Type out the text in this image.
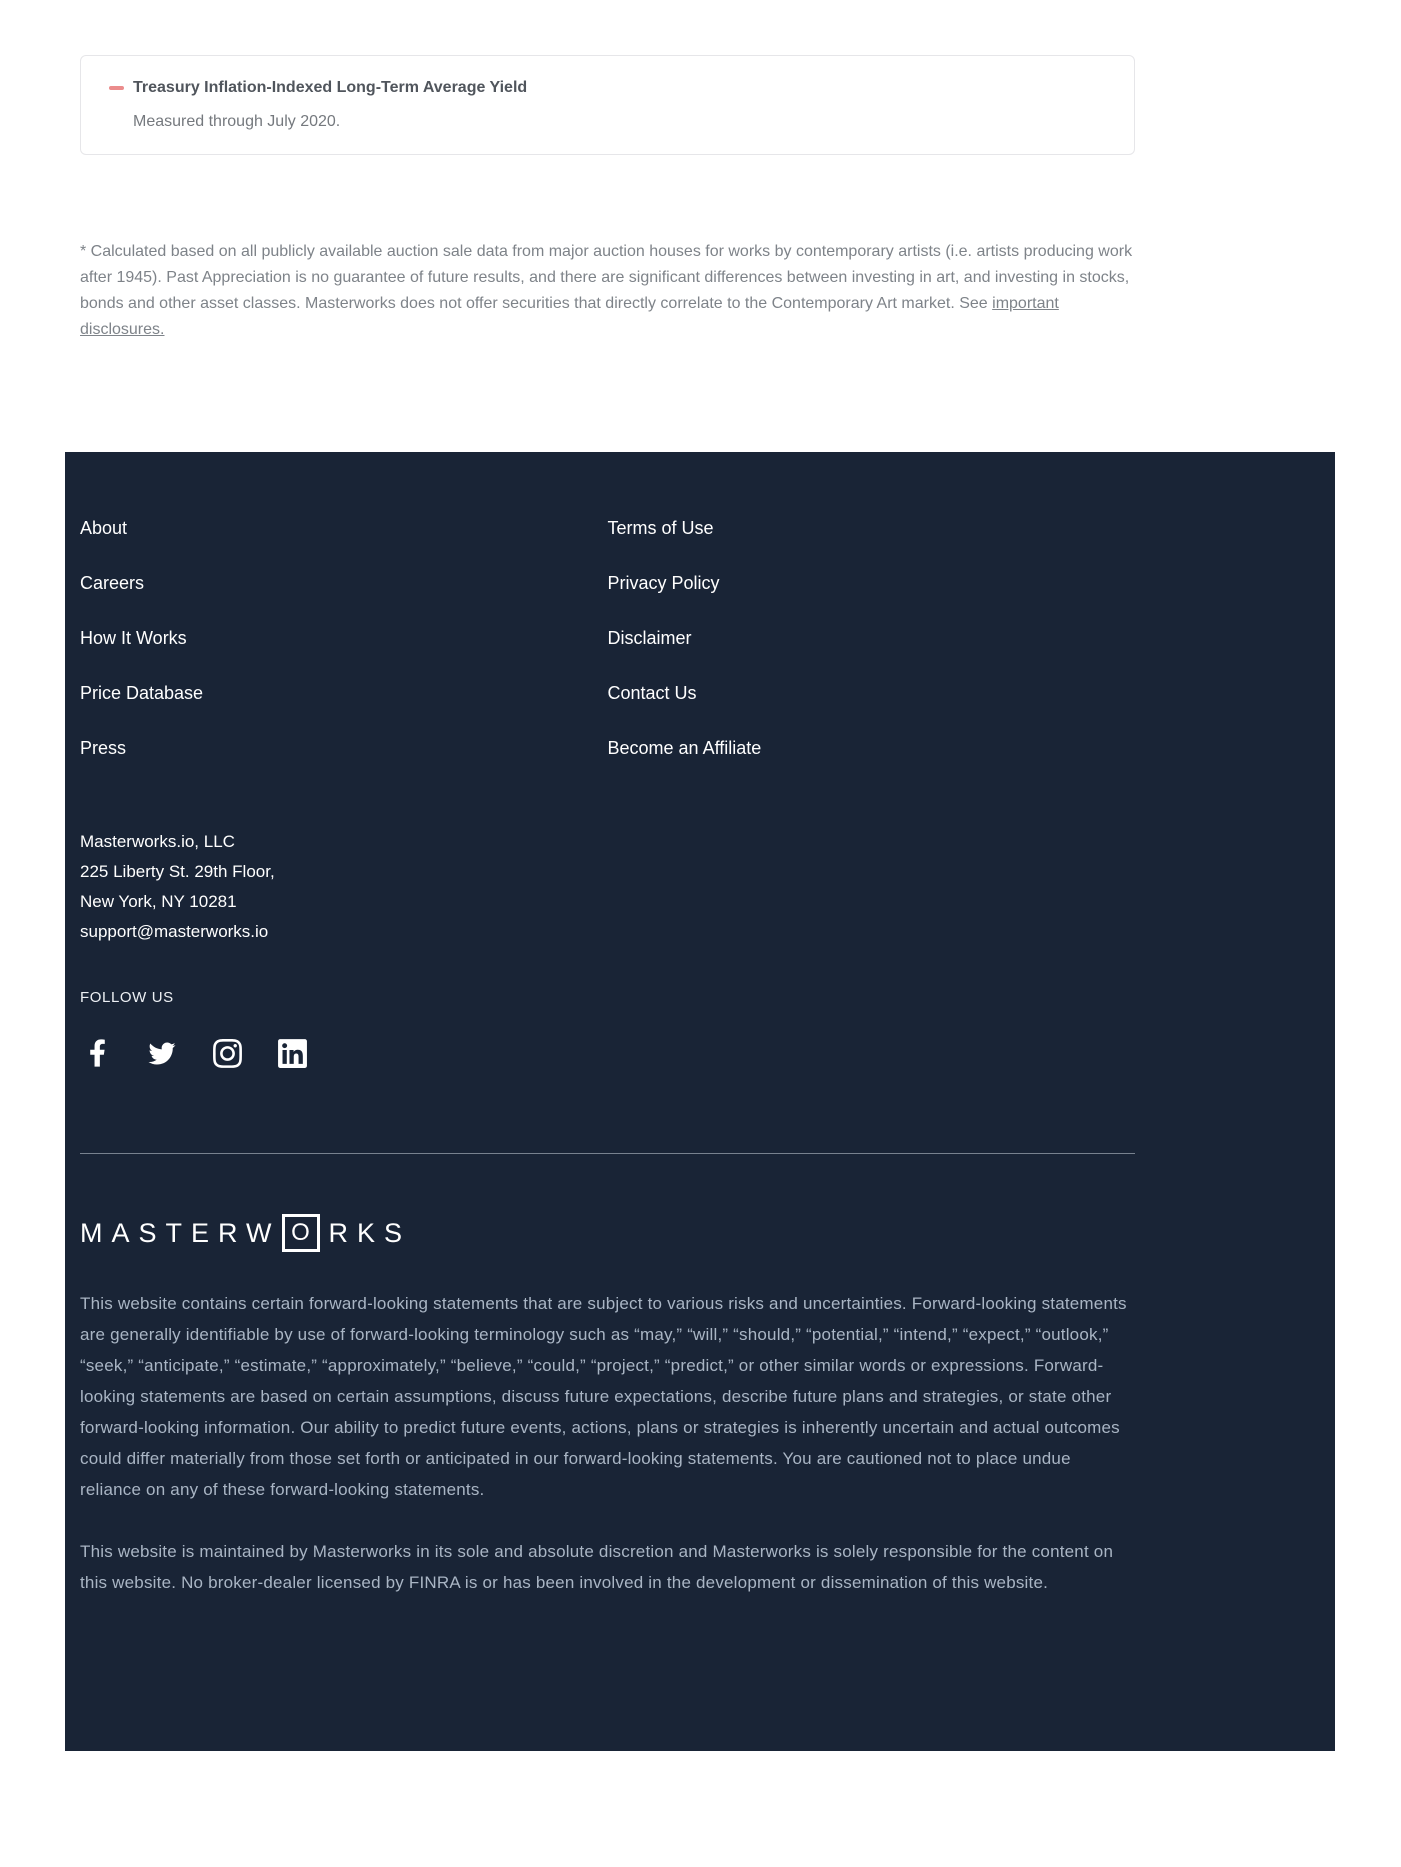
Treasury Inflation-Indexed Long-Term Average Yield
Measured through July 2020.

* Calculated based on all publicly available auction sale data from major auction houses for works by contemporary artists (i.e. artists producing work after 1945). Past Appreciation is no guarantee of future results, and there are significant differences between investing in art, and investing in stocks, bonds and other asset classes. Masterworks does not offer securities that directly correlate to the Contemporary Art market. See important disclosures.

About
Careers
How It Works
Price Database
Press
Terms of Use
Privacy Policy
Disclaimer
Contact Us
Become an Affiliate
Masterworks.io, LLC
225 Liberty St. 29th Floor,
New York, NY 10281
support@masterworks.io
FOLLOW US
MASTERW O RKS

This website contains certain forward-looking statements that are subject to various risks and uncertainties. Forward-looking statements are generally identifiable by use of forward-looking terminology such as “may,” “will,” “should,” “potential,” “intend,” “expect,” “outlook,” “seek,” “anticipate,” “estimate,” “approximately,” “believe,” “could,” “project,” “predict,” or other similar words or expressions. Forward-looking statements are based on certain assumptions, discuss future expectations, describe future plans and strategies, or state other forward-looking information. Our ability to predict future events, actions, plans or strategies is inherently uncertain and actual outcomes could differ materially from those set forth or anticipated in our forward-looking statements. You are cautioned not to place undue reliance on any of these forward-looking statements.

This website is maintained by Masterworks in its sole and absolute discretion and Masterworks is solely responsible for the content on this website. No broker-dealer licensed by FINRA is or has been involved in the development or dissemination of this website.
